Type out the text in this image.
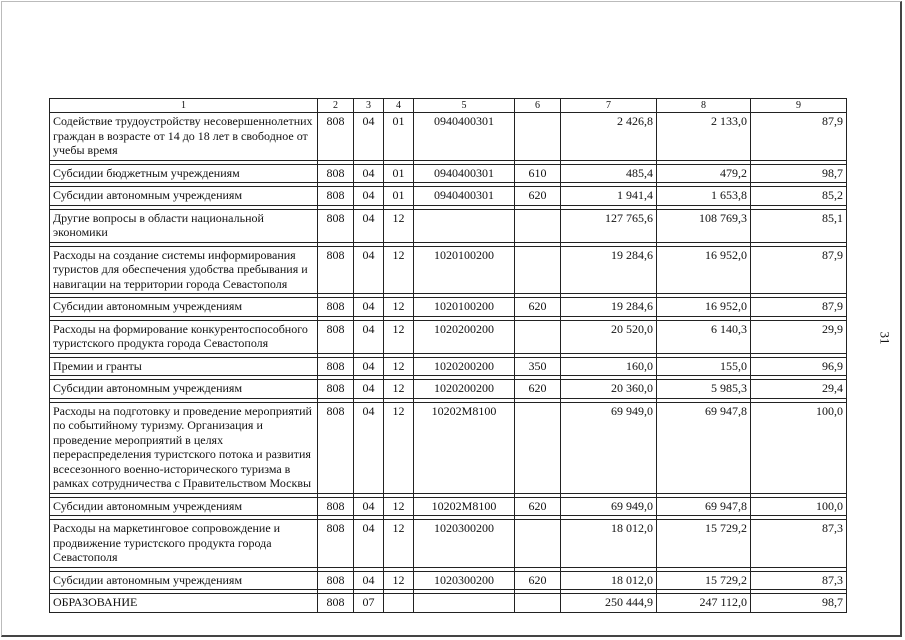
31
1	2	3	4	5	6	7	8	9
Содействие трудоустройству несовершеннолетних граждан в возрасте от 14 до 18 лет в свободное от учебы время	808	04	01	0940400301		2 426,8	2 133,0	87,9

Субсидии бюджетным учреждениям	808	04	01	0940400301	610	485,4	479,2	98,7

Субсидии автономным учреждениям	808	04	01	0940400301	620	1 941,4	1 653,8	85,2

Другие вопросы в области национальной экономики	808	04	12			127 765,6	108 769,3	85,1

Расходы на создание системы информирования туристов для обеспечения удобства пребывания и навигации на территории города Севастополя	808	04	12	1020100200		19 284,6	16 952,0	87,9

Субсидии автономным учреждениям	808	04	12	1020100200	620	19 284,6	16 952,0	87,9

Расходы на формирование конкурентоспособного туристского продукта города Севастополя	808	04	12	1020200200		20 520,0	6 140,3	29,9

Премии и гранты	808	04	12	1020200200	350	160,0	155,0	96,9

Субсидии автономным учреждениям	808	04	12	1020200200	620	20 360,0	5 985,3	29,4

Расходы на подготовку и проведение мероприятий по событийному туризму. Организация и проведение мероприятий в целях перераспределения туристского потока и развития всесезонного военно-исторического туризма в рамках сотрудничества с Правительством Москвы	808	04	12	10202М8100		69 949,0	69 947,8	100,0

Субсидии автономным учреждениям	808	04	12	10202М8100	620	69 949,0	69 947,8	100,0

Расходы на маркетинговое сопровождение и продвижение туристского продукта города Севастополя	808	04	12	1020300200		18 012,0	15 729,2	87,3

Субсидии автономным учреждениям	808	04	12	1020300200	620	18 012,0	15 729,2	87,3

ОБРАЗОВАНИЕ	808	07				250 444,9	247 112,0	98,7
